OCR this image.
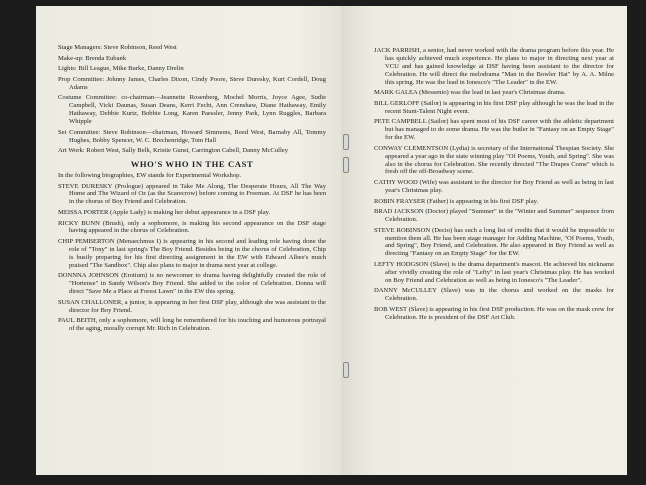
Stage Managers: Steve Robinson, Reed West

Make-up: Brenda Eubank

Lights: Bill League, Mike Burke, Danny Drelin

Prop Committee: Johnny James, Charles Dixon, Cindy Poore, Steve Duresky, Kurt Cordell, Doug Adams

Costume Committee: co-chairman—Jeannette Rosenberg, Mochel Morris, Joyce Agee, Sudie Campbell, Vicki Daunas, Susan Deans, Kerri Fecht, Ann Crenshaw, Diane Hathaway, Emily Hathaway, Debbie Kurtz, Bobbie Long, Karen Paessler, Jenny Park, Lynn Ruggles, Barbara Whipple

Set Committee: Steve Robinson—chairman, Howard Simmons, Reed West, Barnaby All, Tommy Hughes, Bobby Spencer, W. C. Brechenridge, Tom Hall

Art Work: Robert West, Sally Belk, Kristie Gunst, Carrington Cabell, Danny McCulley

WHO'S WHO IN THE CAST

In the following biographies, EW stands for Experimental Workshop.

STEVE DURESKY (Prologue) appeared in Take Me Along, The Desperate Hours, All The Way Home and The Wizard of Oz (as the Scarecrow) before coming to Freeman. At DSF he has been in the chorus of Boy Friend and Celebration.

MEISSA PORTER (Apple Lady) is making her debut appearance in a DSF play.

RICKY BUNN (Brush), only a sophomore, is making his second appearance on the DSF stage having appeared in the chorus of Celebration.

CHIP PEMBERTON (Menaechmus I) is appearing in his second and leading role having done the role of "Tony" in last spring's The Boy Friend. Besides being in the chorus of Celebration, Chip is busily preparing for his first directing assignment in the EW with Edward Albee's much praised "The Sandbox". Chip also plans to major in drama next year at college.

DONNNA JOHNSON (Erotium) is no newcomer to drama having delightfully created the role of "Hortense" in Sandy Wilson's Boy Friend. She added to the color of Celebration. Donna will direct "Save Me a Place at Forest Lawn" in the EW this spring.

SUSAN CHALLONER, a junior, is appearing in her first DSF play, although she was assistant to the director for Boy Friend.

PAUL BEITH, only a sophomore, will long be remembered for his touching and humorous portrayal of the aging, morally corrupt Mr. Rich in Celebration.

JACK PARRISH, a senior, had never worked with the drama program before this year. He has quickly achieved much experience. He plans to major in directing next year at VCU and has gained knowledge at DSF having been assistant to the director for Celebration. He will direct the melodrama "Man in the Bowler Hat" by A. A. Milne this spring. He was the lead in Ionesco's "The Leader" in the EW.

MARK GALEA (Messenio) was the lead in last year's Christmas drama.

BILL GERLOFF (Sailor) is appearing in his first DSF play although he was the lead in the recent Stunt-Talent Night event.

PETE CAMPBELL (Sailor) has spent most of his DSF career with the athletic department but has managed to do some drama. He was the butler in "Fantasy on an Empty Stage" for the EW.

CONWAY CLEMENTSON (Lydia) is secretary of the International Thespian Society. She appeared a year ago in the state winning play "Of Poems, Youth, and Spring". She was also in the chorus for Celebration. She recently directed "The Drapes Come" which is fresh off the off-Broadway scene.

CATHY WOOD (Wife) was assistant to the director for Boy Friend as well as being in last year's Christmas play.

ROBIN FRAYSER (Father) is appearing in his first DSF play.

BRAD JACKSON (Doctor) played "Summer" in the "Winter and Summer" sequence from Celebration.

STEVE ROBINSON (Decio) has such a long list of credits that it would be impossible to mention them all. He has been stage manager for Adding Machine, "Of Poems, Youth, and Spring", Boy Friend, and Celebration. He also appeared in Boy Friend as well as directing "Fantasy on an Empty Stage" for the EW.

LEFTY HODGSON (Slave) is the drama department's mascot. He achieved his nickname after vividly creating the role of "Lefty" in last year's Christmas play. He has worked on Boy Friend and Celebration as well as being in Ionesco's "The Leader".

DANNY McCULLEY (Slave) was in the chorus and worked on the masks for Celebration.

BOB WEST (Slave) is appearing in his first DSF production. He was on the mask crew for Celebration. He is president of the DSF Art Club.
